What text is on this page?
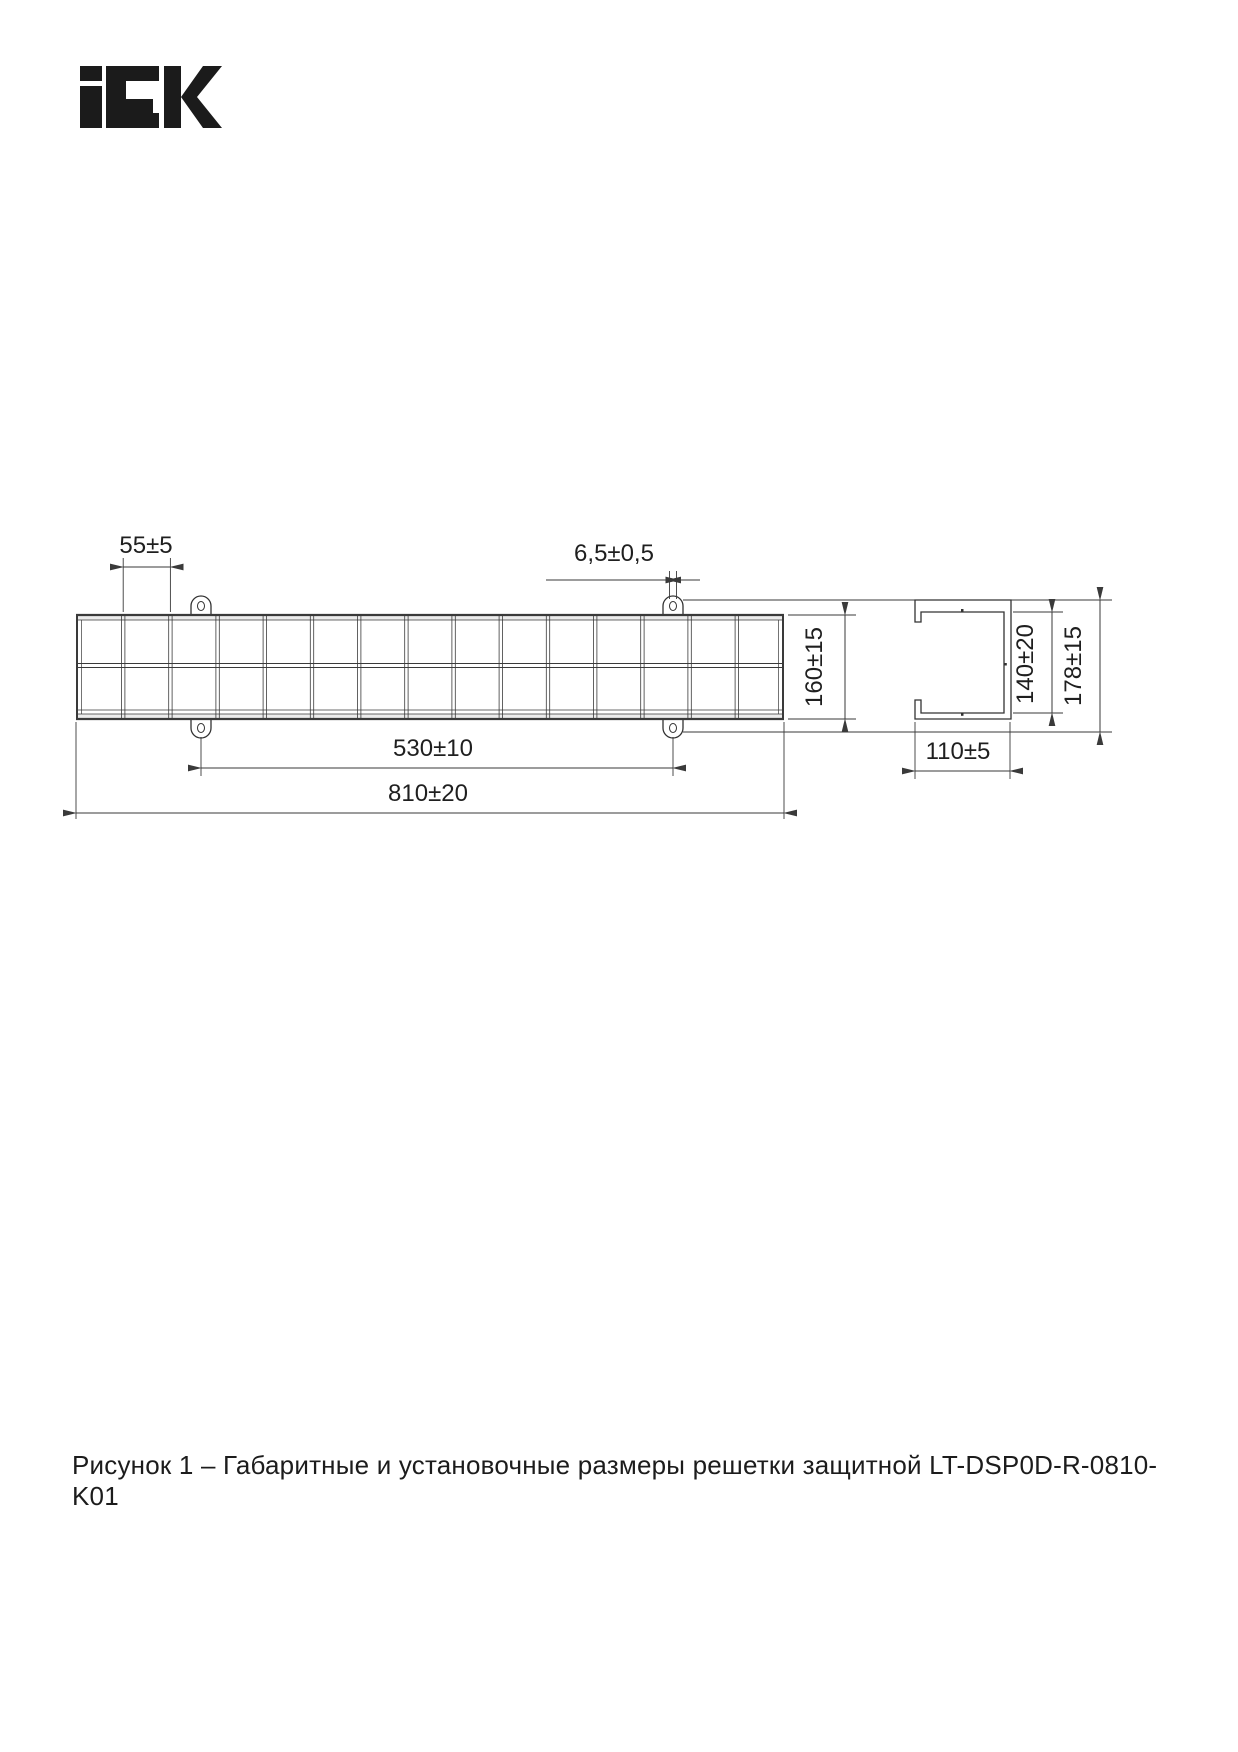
55±5	6,5±0,5
160±15
530±10
810±20
140±20 178±15
110±5
Рисунок 1 – Габаритные и установочные размеры решетки защитной LT-DSP0D-R-0810-K01
